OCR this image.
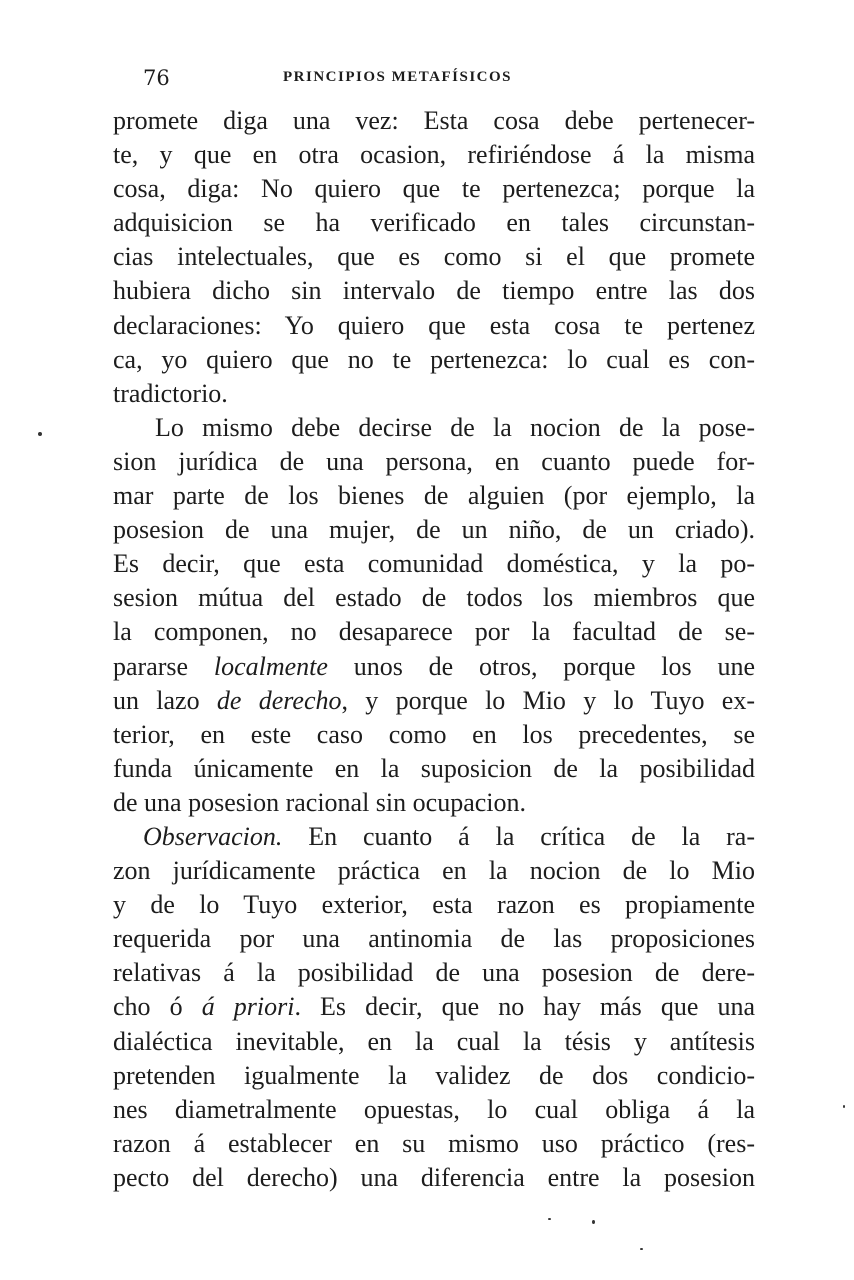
76	PRINCIPIOS METAFÍSICOS
promete diga una vez: Esta cosa debe pertenecer-
te, y que en otra ocasion, refiriéndose á la misma
cosa, diga: No quiero que te pertenezca; porque la
adquisicion se ha verificado en tales circunstan-
cias intelectuales, que es como si el que promete
hubiera dicho sin intervalo de tiempo entre las dos
declaraciones: Yo quiero que esta cosa te pertenez
ca, yo quiero que no te pertenezca: lo cual es con-
tradictorio.
Lo mismo debe decirse de la nocion de la pose-
sion jurídica de una persona, en cuanto puede for-
mar parte de los bienes de alguien (por ejemplo, la
posesion de una mujer, de un niño, de un criado).
Es decir, que esta comunidad doméstica, y la po-
sesion mútua del estado de todos los miembros que
la componen, no desaparece por la facultad de se-
pararse localmente unos de otros, porque los une
un lazo de derecho, y porque lo Mio y lo Tuyo ex-
terior, en este caso como en los precedentes, se
funda únicamente en la suposicion de la posibilidad
de una posesion racional sin ocupacion.
Observacion. En cuanto á la crítica de la ra-
zon jurídicamente práctica en la nocion de lo Mio
y de lo Tuyo exterior, esta razon es propiamente
requerida por una antinomia de las proposiciones
relativas á la posibilidad de una posesion de dere-
cho ó á priori. Es decir, que no hay más que una
dialéctica inevitable, en la cual la tésis y antítesis
pretenden igualmente la validez de dos condicio-
nes diametralmente opuestas, lo cual obliga á la
razon á establecer en su mismo uso práctico (res-
pecto del derecho) una diferencia entre la posesion
